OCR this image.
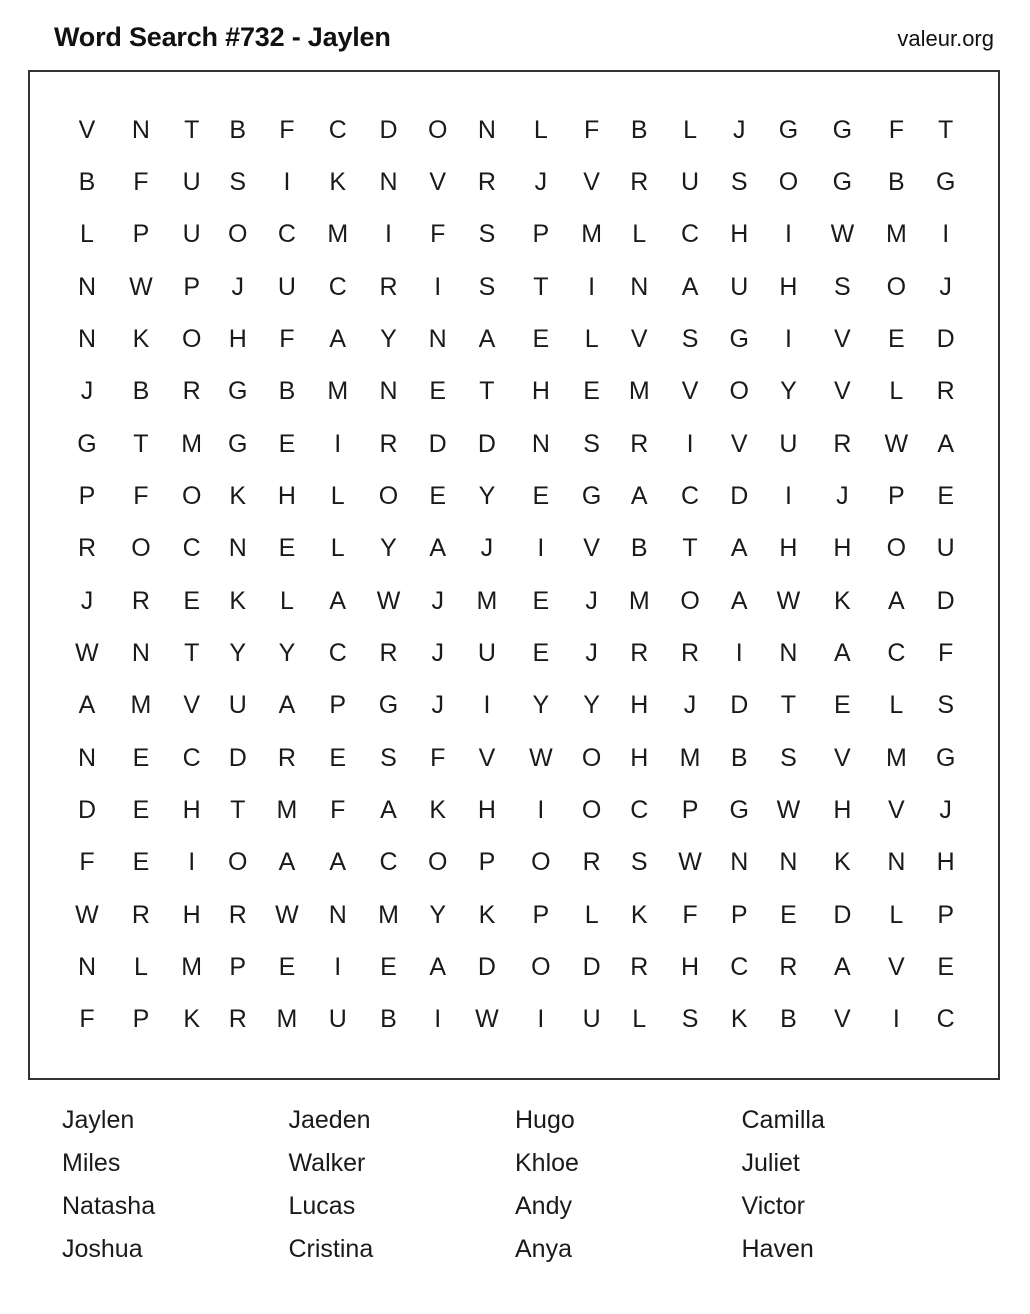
Word Search #732 - Jaylen	valeur.org
V	N	T	B	F	C	D	O	N	L	F	B	L	J	G	G	F	T
B	F	U	S	I	K	N	V	R	J	V	R	U	S	O	G	B	G
L	P	U	O	C	M	I	F	S	P	M	L	C	H	I	W	M	I
N	W	P	J	U	C	R	I	S	T	I	N	A	U	H	S	O	J
N	K	O	H	F	A	Y	N	A	E	L	V	S	G	I	V	E	D
J	B	R	G	B	M	N	E	T	H	E	M	V	O	Y	V	L	R
G	T	M	G	E	I	R	D	D	N	S	R	I	V	U	R	W	A
P	F	O	K	H	L	O	E	Y	E	G	A	C	D	I	J	P	E
R	O	C	N	E	L	Y	A	J	I	V	B	T	A	H	H	O	U
J	R	E	K	L	A	W	J	M	E	J	M	O	A	W	K	A	D
W	N	T	Y	Y	C	R	J	U	E	J	R	R	I	N	A	C	F
A	M	V	U	A	P	G	J	I	Y	Y	H	J	D	T	E	L	S
N	E	C	D	R	E	S	F	V	W	O	H	M	B	S	V	M	G
D	E	H	T	M	F	A	K	H	I	O	C	P	G	W	H	V	J
F	E	I	O	A	A	C	O	P	O	R	S	W	N	N	K	N	H
W	R	H	R	W	N	M	Y	K	P	L	K	F	P	E	D	L	P
N	L	M	P	E	I	E	A	D	O	D	R	H	C	R	A	V	E
F	P	K	R	M	U	B	I	W	I	U	L	S	K	B	V	I	C
Jaylen	Jaeden	Hugo	Camilla
Miles	Walker	Khloe	Juliet
Natasha	Lucas	Andy	Victor
Joshua	Cristina	Anya	Haven
